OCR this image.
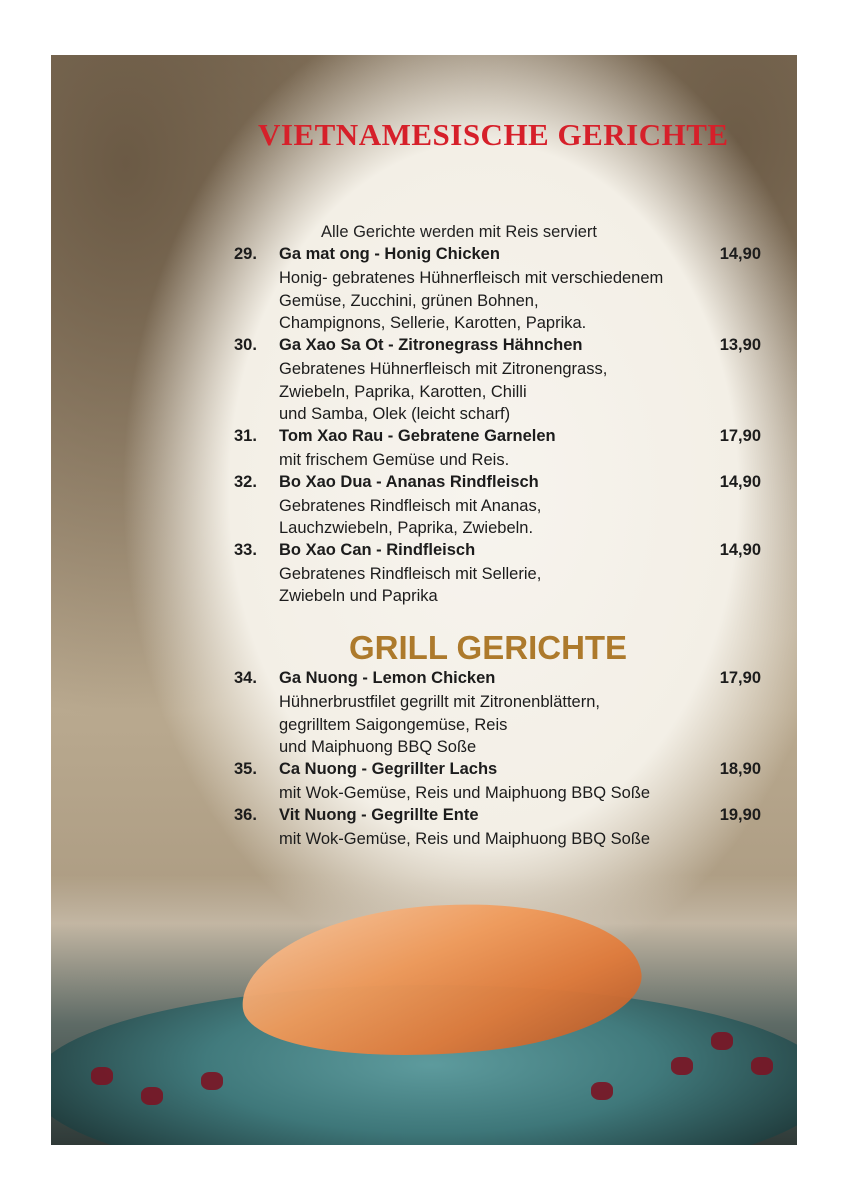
VIETNAMESISCHE GERICHTE

Alle Gerichte werden mit Reis serviert

29. Ga mat ong - Honig Chicken	14,90

Honig- gebratenes Hühnerfleisch mit verschiedenem

Gemüse, Zucchini, grünen Bohnen,

Champignons, Sellerie, Karotten, Paprika.

30. Ga Xao Sa Ot - Zitronegrass Hähnchen	13,90

Gebratenes Hühnerfleisch mit Zitronengrass,

Zwiebeln, Paprika, Karotten, Chilli

und Samba, Olek (leicht scharf)

31. Tom Xao Rau - Gebratene Garnelen	17,90

mit frischem Gemüse und Reis.

32. Bo Xao Dua - Ananas Rindfleisch	14,90

Gebratenes Rindfleisch mit Ananas,

Lauchzwiebeln, Paprika, Zwiebeln.

33. Bo Xao Can - Rindfleisch	14,90

Gebratenes Rindfleisch mit Sellerie,

Zwiebeln und Paprika

GRILL GERICHTE
34. Ga Nuong - Lemon Chicken	17,90

Hühnerbrustfilet gegrillt mit Zitronenblättern,

gegrilltem Saigongemüse, Reis

und Maiphuong BBQ Soße

35. Ca Nuong - Gegrillter Lachs	18,90

mit Wok-Gemüse, Reis und Maiphuong BBQ Soße

36. Vit Nuong - Gegrillte Ente	19,90

mit Wok-Gemüse, Reis und Maiphuong BBQ Soße
